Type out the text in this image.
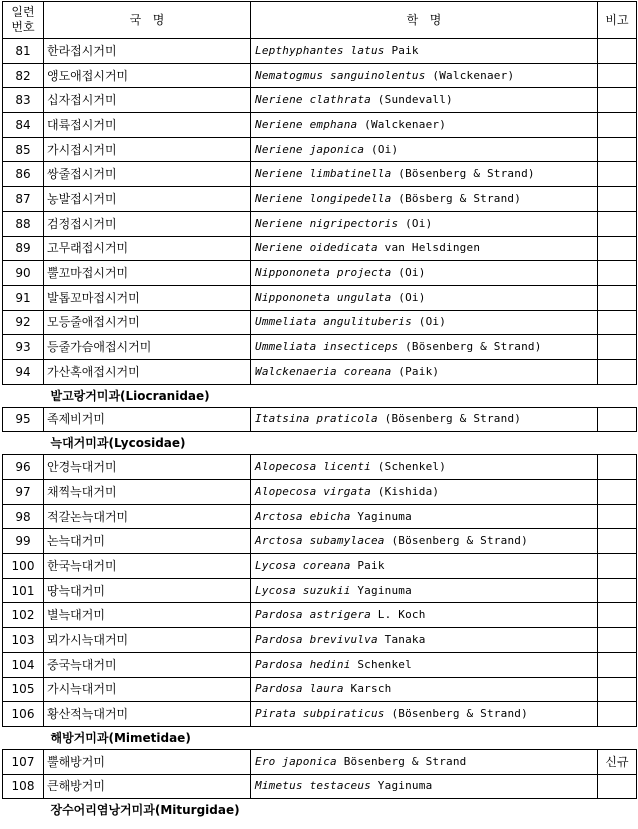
일련
번호	국   명	학   명	비고
81	한라접시거미	Lepthyphantes latus Paik	
82	앵도애접시거미	Nematogmus sanguinolentus (Walckenaer)	
83	십자접시거미	Neriene clathrata (Sundevall)	
84	대륙접시거미	Neriene emphana (Walckenaer)	
85	가시접시거미	Neriene japonica (Oi)	
86	쌍줄접시거미	Neriene limbatinella (Bösenberg & Strand)	
87	농발접시거미	Neriene longipedella (Bösberg & Strand)	
88	검정접시거미	Neriene nigripectoris (Oi)	
89	고무래접시거미	Neriene oidedicata van Helsdingen	
90	뿔꼬마접시거미	Nippononeta projecta (Oi)	
91	발톱꼬마접시거미	Nippononeta ungulata (Oi)	
92	모등줄애접시거미	Ummeliata angulituberis (Oi)	
93	등줄가슴애접시거미	Ummeliata insecticeps (Bösenberg & Strand)	
94	가산혹애접시거미	Walckenaeria coreana (Paik)	
밭고랑거미과(Liocranidae)			
95	족제비거미	Itatsina praticola (Bösenberg & Strand)	
늑대거미과(Lycosidae)			
96	안경늑대거미	Alopecosa licenti (Schenkel)	
97	채찍늑대거미	Alopecosa virgata (Kishida)	
98	적갈논늑대거미	Arctosa ebicha Yaginuma	
99	논늑대거미	Arctosa subamylacea (Bösenberg & Strand)	
100	한국늑대거미	Lycosa coreana Paik	
101	땅늑대거미	Lycosa suzukii Yaginuma	
102	별늑대거미	Pardosa astrigera L. Koch	
103	뫼가시늑대거미	Pardosa brevivulva Tanaka	
104	중국늑대거미	Pardosa hedini Schenkel	
105	가시늑대거미	Pardosa laura Karsch	
106	황산적늑대거미	Pirata subpiraticus (Bösenberg & Strand)	
해방거미과(Mimetidae)			
107	뿔해방거미	Ero japonica Bösenberg & Strand	신규
108	큰해방거미	Mimetus testaceus Yaginuma	
장수어리염낭거미과(Miturgidae)			
